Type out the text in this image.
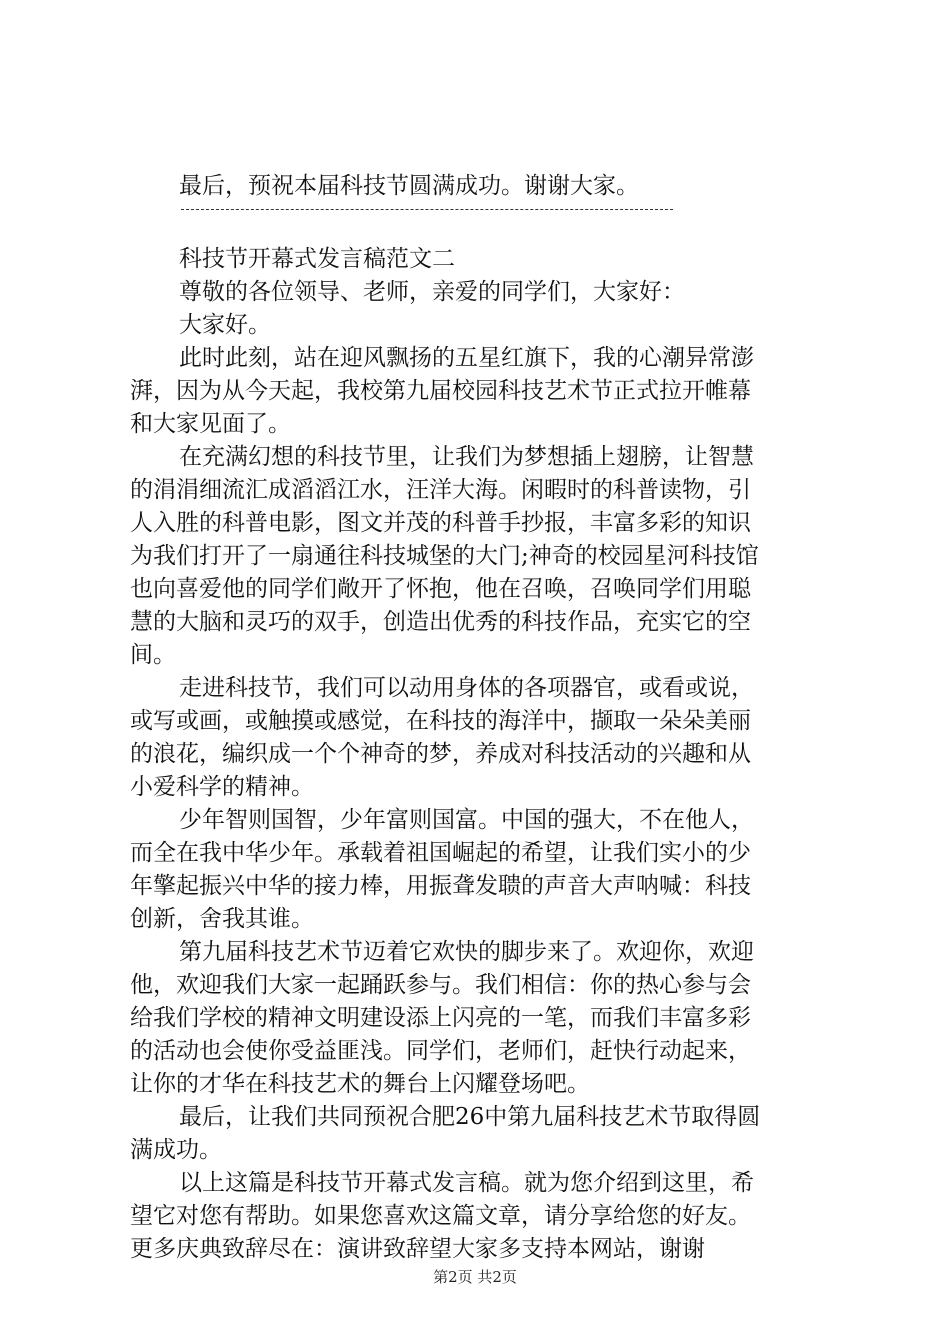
最后，预祝本届科技节圆满成功。谢谢大家。

科技节开幕式发言稿范文二

尊敬的各位领导、老师，亲爱的同学们，大家好：

大家好。

此时此刻，站在迎风飘扬的五星红旗下，我的心潮异常澎

湃，因为从今天起，我校第九届校园科技艺术节正式拉开帷幕

和大家见面了。

在充满幻想的科技节里，让我们为梦想插上翅膀，让智慧

的涓涓细流汇成滔滔江水，汪洋大海。闲暇时的科普读物，引

人入胜的科普电影，图文并茂的科普手抄报，丰富多彩的知识

为我们打开了一扇通往科技城堡的大门;神奇的校园星河科技馆

也向喜爱他的同学们敞开了怀抱，他在召唤，召唤同学们用聪

慧的大脑和灵巧的双手，创造出优秀的科技作品，充实它的空

间。

走进科技节，我们可以动用身体的各项器官，或看或说，

或写或画，或触摸或感觉，在科技的海洋中，撷取一朵朵美丽

的浪花，编织成一个个神奇的梦，养成对科技活动的兴趣和从

小爱科学的精神。

少年智则国智，少年富则国富。中国的强大，不在他人，

而全在我中华少年。承载着祖国崛起的希望，让我们实小的少

年擎起振兴中华的接力棒，用振聋发聩的声音大声呐喊：科技

创新，舍我其谁。

第九届科技艺术节迈着它欢快的脚步来了。欢迎你，欢迎

他，欢迎我们大家一起踊跃参与。我们相信：你的热心参与会

给我们学校的精神文明建设添上闪亮的一笔，而我们丰富多彩

的活动也会使你受益匪浅。同学们，老师们，赶快行动起来，

让你的才华在科技艺术的舞台上闪耀登场吧。

最后，让我们共同预祝合肥26中第九届科技艺术节取得圆

满成功。

以上这篇是科技节开幕式发言稿。就为您介绍到这里，希

望它对您有帮助。如果您喜欢这篇文章，请分享给您的好友。

更多庆典致辞尽在：演讲致辞望大家多支持本网站，谢谢

第2页 共2页
